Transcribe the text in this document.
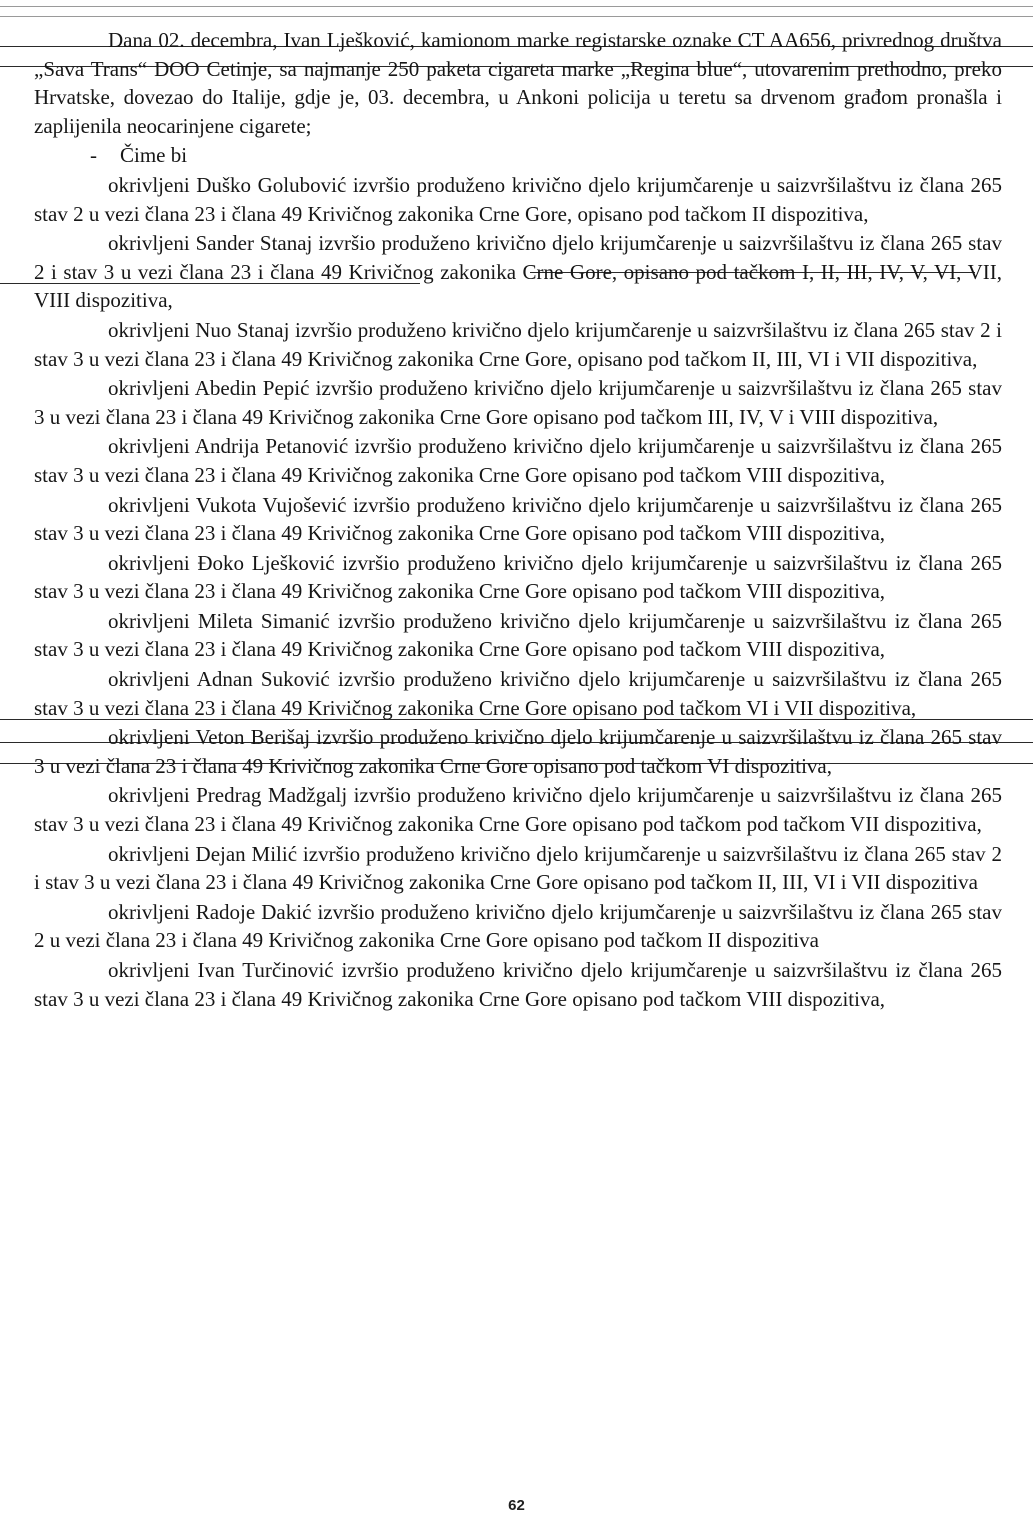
Dana 02. decembra, Ivan Lješković, kamionom marke registarske oznake CT AA656, privrednog društva „Sava Trans“ DOO Cetinje, sa najmanje 250 paketa cigareta marke „Regina blue“, utovarenim prethodno, preko Hrvatske, dovezao do Italije, gdje je, 03. decembra, u Ankoni policija u teretu sa drvenom građom pronašla i zaplijenila neocarinjene cigarete;

- Čime bi

okrivljeni Duško Golubović izvršio produženo krivično djelo krijumčarenje u saizvršilaštvu iz člana 265 stav 2 u vezi člana 23 i člana 49 Krivičnog zakonika Crne Gore, opisano pod tačkom II dispozitiva,

okrivljeni Sander Stanaj izvršio produženo krivično djelo krijumčarenje u saizvršilaštvu iz člana 265 stav 2 i stav 3 u vezi člana 23 i člana 49 Krivičnog zakonika Crne Gore, opisano pod tačkom I, II, III, IV, V, VI, VII, VIII dispozitiva,

okrivljeni Nuo Stanaj izvršio produženo krivično djelo krijumčarenje u saizvršilaštvu iz člana 265 stav 2 i stav 3 u vezi člana 23 i člana 49 Krivičnog zakonika Crne Gore, opisano pod tačkom II, III, VI i VII dispozitiva,

okrivljeni Abedin Pepić izvršio produženo krivično djelo krijumčarenje u saizvršilaštvu iz člana 265 stav 3 u vezi člana 23 i člana 49 Krivičnog zakonika Crne Gore opisano pod tačkom III, IV, V i VIII dispozitiva,

okrivljeni Andrija Petanović izvršio produženo krivično djelo krijumčarenje u saizvršilaštvu iz člana 265 stav 3 u vezi člana 23 i člana 49 Krivičnog zakonika Crne Gore opisano pod tačkom VIII dispozitiva,

okrivljeni Vukota Vujošević izvršio produženo krivično djelo krijumčarenje u saizvršilaštvu iz člana 265 stav 3 u vezi člana 23 i člana 49 Krivičnog zakonika Crne Gore opisano pod tačkom VIII dispozitiva,

okrivljeni Đoko Lješković izvršio produženo krivično djelo krijumčarenje u saizvršilaštvu iz člana 265 stav 3 u vezi člana 23 i člana 49 Krivičnog zakonika Crne Gore opisano pod tačkom VIII dispozitiva,

okrivljeni Mileta Simanić izvršio produženo krivično djelo krijumčarenje u saizvršilaštvu iz člana 265 stav 3 u vezi člana 23 i člana 49 Krivičnog zakonika Crne Gore opisano pod tačkom VIII dispozitiva,

okrivljeni Adnan Suković izvršio produženo krivično djelo krijumčarenje u saizvršilaštvu iz člana 265 stav 3 u vezi člana 23 i člana 49 Krivičnog zakonika Crne Gore opisano pod tačkom VI i VII dispozitiva,

okrivljeni Veton Berišaj izvršio produženo krivično djelo krijumčarenje u saizvršilaštvu iz člana 265 stav 3 u vezi člana 23 i člana 49 Krivičnog zakonika Crne Gore opisano pod tačkom VI dispozitiva,

okrivljeni Predrag Madžgalj izvršio produženo krivično djelo krijumčarenje u saizvršilaštvu iz člana 265 stav 3 u vezi člana 23 i člana 49 Krivičnog zakonika Crne Gore opisano pod tačkom pod tačkom VII dispozitiva,

okrivljeni Dejan Milić izvršio produženo krivično djelo krijumčarenje u saizvršilaštvu iz člana 265 stav 2 i stav 3 u vezi člana 23 i člana 49 Krivičnog zakonika Crne Gore opisano pod tačkom II, III, VI i VII dispozitiva

okrivljeni Radoje Dakić izvršio produženo krivično djelo krijumčarenje u saizvršilaštvu iz člana 265 stav 2 u vezi člana 23 i člana 49 Krivičnog zakonika Crne Gore opisano pod tačkom II dispozitiva

okrivljeni Ivan Turčinović izvršio produženo krivično djelo krijumčarenje u saizvršilaštvu iz člana 265 stav 3 u vezi člana 23 i člana 49 Krivičnog zakonika Crne Gore opisano pod tačkom VIII dispozitiva,

62
